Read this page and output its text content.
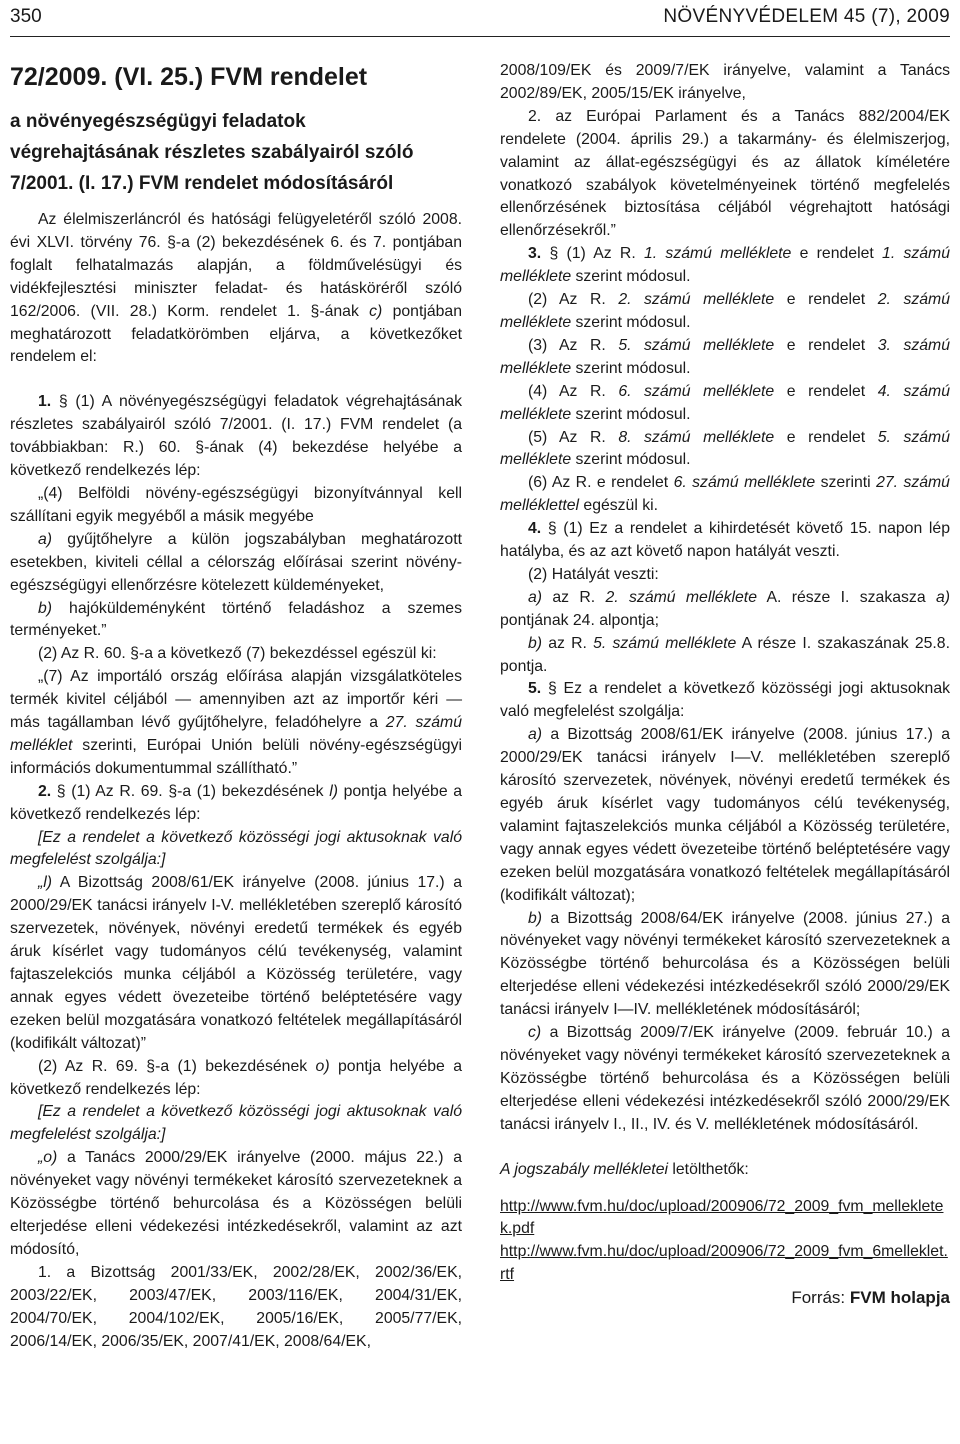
350	NÖVÉNYVÉDELEM 45 (7), 2009
72/2009. (VI. 25.) FVM rendelet
a növényegészségügyi feladatok
végrehajtásának részletes szabályairól szóló
7/2001. (I. 17.) FVM rendelet módosításáról

Az élelmiszerláncról és hatósági felügyeletéről szóló 2008. évi XLVI. törvény 76. §-a (2) bekezdésének 6. és 7. pontjában foglalt felhatalmazás alapján, a földművelésügyi és vidékfejlesztési miniszter feladat- és hatásköréről szóló 162/2006. (VII. 28.) Korm. rendelet 1. §-ának c) pontjában meghatározott feladatkörömben eljárva, a következőket rendelem el:

1. § (1) A növényegészségügyi feladatok végrehajtásának részletes szabályairól szóló 7/2001. (I. 17.) FVM rendelet (a továbbiakban: R.) 60. §-ának (4) bekezdése helyébe a következő rendelkezés lép:

„(4) Belföldi növény-egészségügyi bizonyítvánnyal kell szállítani egyik megyéből a másik megyébe

a) gyűjtőhelyre a külön jogszabályban meghatározott esetekben, kiviteli céllal a célország előírásai szerint növény-egészségügyi ellenőrzésre kötelezett küldeményeket,

b) hajóküldeményként történő feladáshoz a szemes terményeket.”

(2) Az R. 60. §-a a következő (7) bekezdéssel egészül ki:

„(7) Az importáló ország előírása alapján vizsgálatköteles termék kivitel céljából — amennyiben azt az importőr kéri — más tagállamban lévő gyűjtőhelyre, feladóhelyre a 27. számú melléklet szerinti, Európai Unión belüli növény-egészségügyi információs dokumentummal szállítható.”

2. § (1) Az R. 69. §-a (1) bekezdésének l) pontja helyébe a következő rendelkezés lép:

[Ez a rendelet a következő közösségi jogi aktusoknak való megfelelést szolgálja:]

„l) A Bizottság 2008/61/EK irányelve (2008. június 17.) a 2000/29/EK tanácsi irányelv I-V. mellékletében szereplő károsító szervezetek, növények, növényi eredetű termékek és egyéb áruk kísérlet vagy tudományos célú tevékenység, valamint fajtaszelekciós munka céljából a Közösség területére, vagy annak egyes védett övezeteibe történő beléptetésére vagy ezeken belül mozgatására vonatkozó feltételek megállapításáról (kodifikált változat)”

(2) Az R. 69. §-a (1) bekezdésének o) pontja helyébe a következő rendelkezés lép:

[Ez a rendelet a következő közösségi jogi aktusoknak való megfelelést szolgálja:]

„o) a Tanács 2000/29/EK irányelve (2000. május 22.) a növényeket vagy növényi termékeket károsító szervezeteknek a Közösségbe történő behurcolása és a Közösségen belüli elterjedése elleni védekezési intézkedésekről, valamint az azt módosító,

1. a Bizottság 2001/33/EK, 2002/28/EK, 2002/36/EK, 2003/22/EK, 2003/47/EK, 2003/116/EK, 2004/31/EK, 2004/70/EK, 2004/102/EK, 2005/16/EK, 2005/77/EK, 2006/14/EK, 2006/35/EK, 2007/41/EK, 2008/64/EK,

2008/109/EK és 2009/7/EK irányelve, valamint a Tanács 2002/89/EK, 2005/15/EK irányelve,

2. az Európai Parlament és a Tanács 882/2004/EK rendelete (2004. április 29.) a takarmány- és élelmiszerjog, valamint az állat-egészségügyi és az állatok kíméletére vonatkozó szabályok követelményeinek történő megfelelés ellenőrzésének biztosítása céljából végrehajtott hatósági ellenőrzésekről.”

3. § (1) Az R. 1. számú melléklete e rendelet 1. számú melléklete szerint módosul.

(2) Az R. 2. számú melléklete e rendelet 2. számú melléklete szerint módosul.

(3) Az R. 5. számú melléklete e rendelet 3. számú melléklete szerint módosul.

(4) Az R. 6. számú melléklete e rendelet 4. számú melléklete szerint módosul.

(5) Az R. 8. számú melléklete e rendelet 5. számú melléklete szerint módosul.

(6) Az R. e rendelet 6. számú melléklete szerinti 27. számú melléklettel egészül ki.

4. § (1) Ez a rendelet a kihirdetését követő 15. napon lép hatályba, és az azt követő napon hatályát veszti.

(2) Hatályát veszti:

a) az R. 2. számú melléklete A. része I. szakasza a) pontjának 24. alpontja;

b) az R. 5. számú melléklete A része I. szakaszának 25.8. pontja.

5. § Ez a rendelet a következő közösségi jogi aktusoknak való megfelelést szolgálja:

a) a Bizottság 2008/61/EK irányelve (2008. június 17.) a 2000/29/EK tanácsi irányelv I—V. mellékletében szereplő károsító szervezetek, növények, növényi eredetű termékek és egyéb áruk kísérlet vagy tudományos célú tevékenység, valamint fajtaszelekciós munka céljából a Közösség területére, vagy annak egyes védett övezeteibe történő beléptetésére vagy ezeken belül mozgatására vonatkozó feltételek megállapításáról (kodifikált változat);

b) a Bizottság 2008/64/EK irányelve (2008. június 27.) a növényeket vagy növényi termékeket károsító szervezeteknek a Közösségbe történő behurcolása és a Közösségen belüli elterjedése elleni védekezési intézkedésekről szóló 2000/29/EK tanácsi irányelv I—IV. mellékletének módosításáról;

c) a Bizottság 2009/7/EK irányelve (2009. február 10.) a növényeket vagy növényi termékeket károsító szervezeteknek a Közösségbe történő behurcolása és a Közösségen belüli elterjedése elleni védekezési intézkedésekről szóló 2000/29/EK tanácsi irányelv I., II., IV. és V. mellékletének módosításáról.

A jogszabály mellékletei letölthetők:

http://www.fvm.hu/doc/upload/200906/72_2009_fvm_mellekletek.pdf

http://www.fvm.hu/doc/upload/200906/72_2009_fvm_6melleklet.rtf

Forrás: FVM holapja
